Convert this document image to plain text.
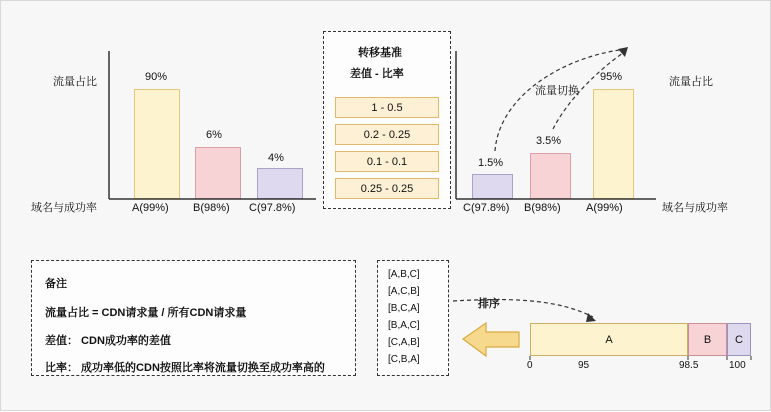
流量占比
域名与成功率
90%
A(99%)
6%
B(98%)
4%
C(97.8%)
转移基准
差值 - 比率
1 - 0.5
0.2 - 0.25
0.1 - 0.1
0.25 - 0.25
流量占比
域名与成功率
流量切换
1.5%
C(97.8%)
3.5%
B(98%)
95%
A(99%)
备注
流量占比 = CDN请求量 / 所有CDN请求量
差值： CDN成功率的差值
比率： 成功率低的CDN按照比率将流量切换至成功率高的
[A,B,C]
[A,C,B]
[B,C,A]
[B,A,C]
[C,A,B]
[C,B,A]
排序
A	B	C
0	95	98.5	100
